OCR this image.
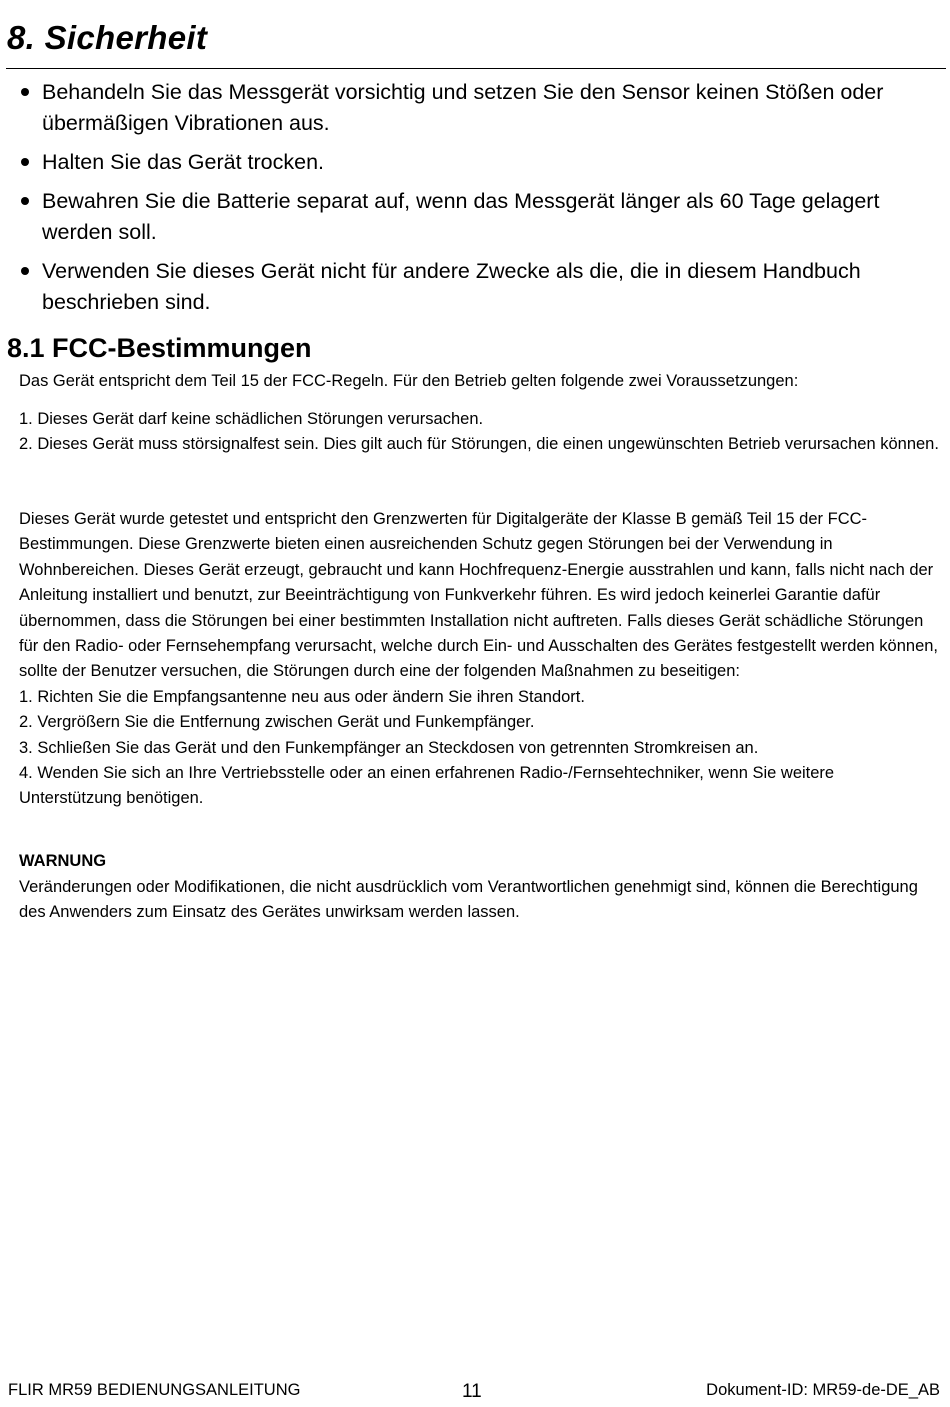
8. Sicherheit
Behandeln Sie das Messgerät vorsichtig und setzen Sie den Sensor keinen Stößen oder übermäßigen Vibrationen aus.
Halten Sie das Gerät trocken.
Bewahren Sie die Batterie separat auf, wenn das Messgerät länger als 60 Tage gelagert werden soll.
Verwenden Sie dieses Gerät nicht für andere Zwecke als die, die in diesem Handbuch beschrieben sind.
8.1 FCC-Bestimmungen

Das Gerät entspricht dem Teil 15 der FCC-Regeln. Für den Betrieb gelten folgende zwei Voraussetzungen:

1. Dieses Gerät darf keine schädlichen Störungen verursachen.
2. Dieses Gerät muss störsignalfest sein. Dies gilt auch für Störungen, die einen ungewünschten Betrieb verursachen können.
Dieses Gerät wurde getestet und entspricht den Grenzwerten für Digitalgeräte der Klasse B gemäß Teil 15 der FCC-Bestimmungen. Diese Grenzwerte bieten einen ausreichenden Schutz gegen Störungen bei der Verwendung in Wohnbereichen. Dieses Gerät erzeugt, gebraucht und kann Hochfrequenz-Energie ausstrahlen und kann, falls nicht nach der Anleitung installiert und benutzt, zur Beeinträchtigung von Funkverkehr führen. Es wird jedoch keinerlei Garantie dafür übernommen, dass die Störungen bei einer bestimmten Installation nicht auftreten. Falls dieses Gerät schädliche Störungen für den Radio- oder Fernsehempfang verursacht, welche durch Ein- und Ausschalten des Gerätes festgestellt werden können, sollte der Benutzer versuchen, die Störungen durch eine der folgenden Maßnahmen zu beseitigen:
1. Richten Sie die Empfangsantenne neu aus oder ändern Sie ihren Standort.
2. Vergrößern Sie die Entfernung zwischen Gerät und Funkempfänger.
3. Schließen Sie das Gerät und den Funkempfänger an Steckdosen von getrennten Stromkreisen an.
4. Wenden Sie sich an Ihre Vertriebsstelle oder an einen erfahrenen Radio-/Fernsehtechniker, wenn Sie weitere Unterstützung benötigen.

WARNUNG

Veränderungen oder Modifikationen, die nicht ausdrücklich vom Verantwortlichen genehmigt sind, können die Berechtigung des Anwenders zum Einsatz des Gerätes unwirksam werden lassen.

FLIR MR59 BEDIENUNGSANLEITUNG	11	Dokument-ID: MR59-de-DE_AB
